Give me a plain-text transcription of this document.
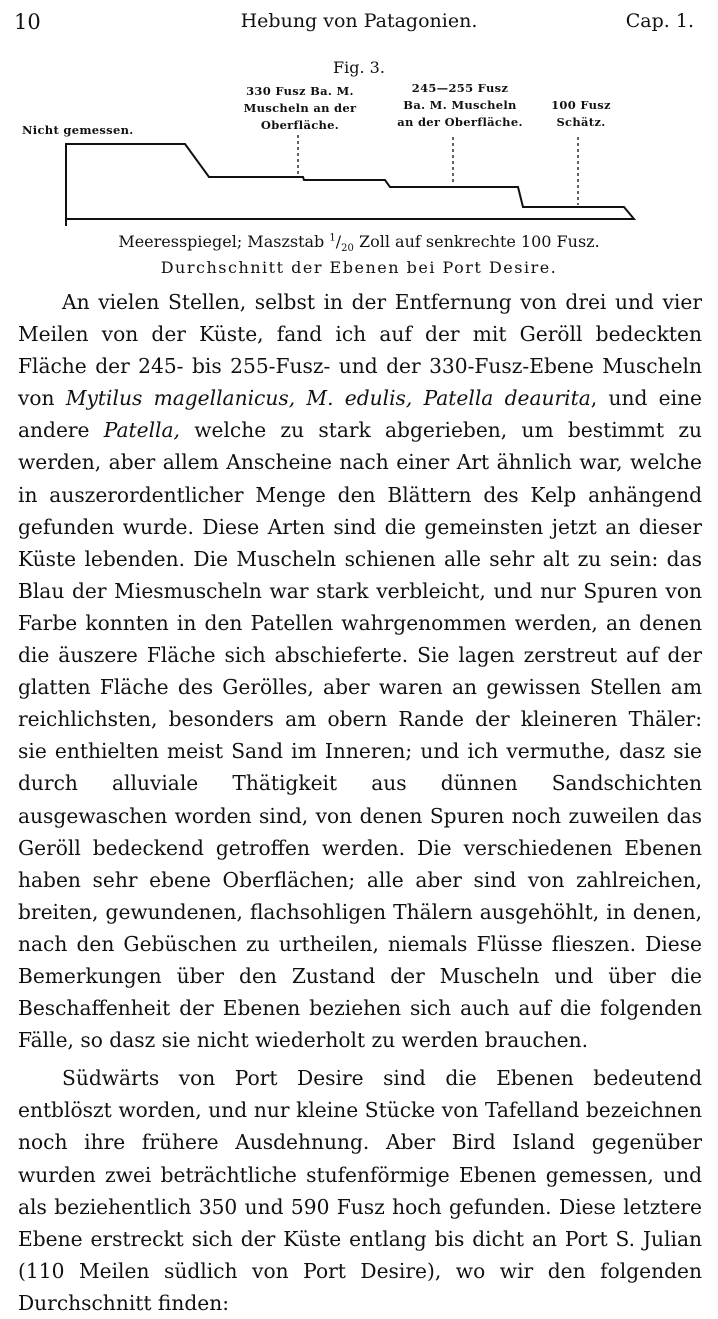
10	Hebung von Patagonien.	Cap. 1.
Fig. 3.
Nicht gemessen.
330 Fusz Ba. M.
Muscheln an der
Oberfläche.
245—255 Fusz
Ba. M. Muscheln
an der Oberfläche.
100 Fusz
Schätz.
Meeresspiegel; Maszstab $^1/_{20}$ Zoll auf senkrechte 100 Fusz.
Durchschnitt der Ebenen bei Port Desire.

An vielen Stellen, selbst in der Entfernung von drei und vier Meilen von der Küste, fand ich auf der mit Geröll bedeckten Fläche der 245- bis 255-Fusz- und der 330-Fusz-Ebene Muscheln von Mytilus magellanicus, M. edulis, Patella deaurita, und eine andere Patella, welche zu stark abgerieben, um bestimmt zu werden, aber allem Anscheine nach einer Art ähnlich war, welche in auszerordentlicher Menge den Blättern des Kelp anhängend gefunden wurde. Diese Arten sind die gemeinsten jetzt an dieser Küste lebenden. Die Muscheln schienen alle sehr alt zu sein: das Blau der Miesmuscheln war stark verbleicht, und nur Spuren von Farbe konnten in den Patellen wahrgenommen werden, an denen die äuszere Fläche sich abschieferte. Sie lagen zerstreut auf der glatten Fläche des Gerölles, aber waren an gewissen Stellen am reichlichsten, besonders am obern Rande der kleineren Thäler: sie enthielten meist Sand im Inneren; und ich vermuthe, dasz sie durch alluviale Thätigkeit aus dünnen Sandschichten ausgewaschen worden sind, von denen Spuren noch zuweilen das Geröll bedeckend getroffen werden. Die verschiedenen Ebenen haben sehr ebene Oberflächen; alle aber sind von zahlreichen, breiten, gewundenen, flachsohligen Thälern ausgehöhlt, in denen, nach den Gebüschen zu urtheilen, niemals Flüsse flieszen. Diese Bemerkungen über den Zustand der Muscheln und über die Beschaffenheit der Ebenen beziehen sich auch auf die folgenden Fälle, so dasz sie nicht wiederholt zu werden brauchen.

Südwärts von Port Desire sind die Ebenen bedeutend entblöszt worden, und nur kleine Stücke von Tafelland bezeichnen noch ihre frühere Ausdehnung. Aber Bird Island gegenüber wurden zwei beträchtliche stufenförmige Ebenen gemessen, und als beziehentlich 350 und 590 Fusz hoch gefunden. Diese letztere Ebene erstreckt sich der Küste entlang bis dicht an Port S. Julian (110 Meilen südlich von Port Desire), wo wir den folgenden Durchschnitt finden:
